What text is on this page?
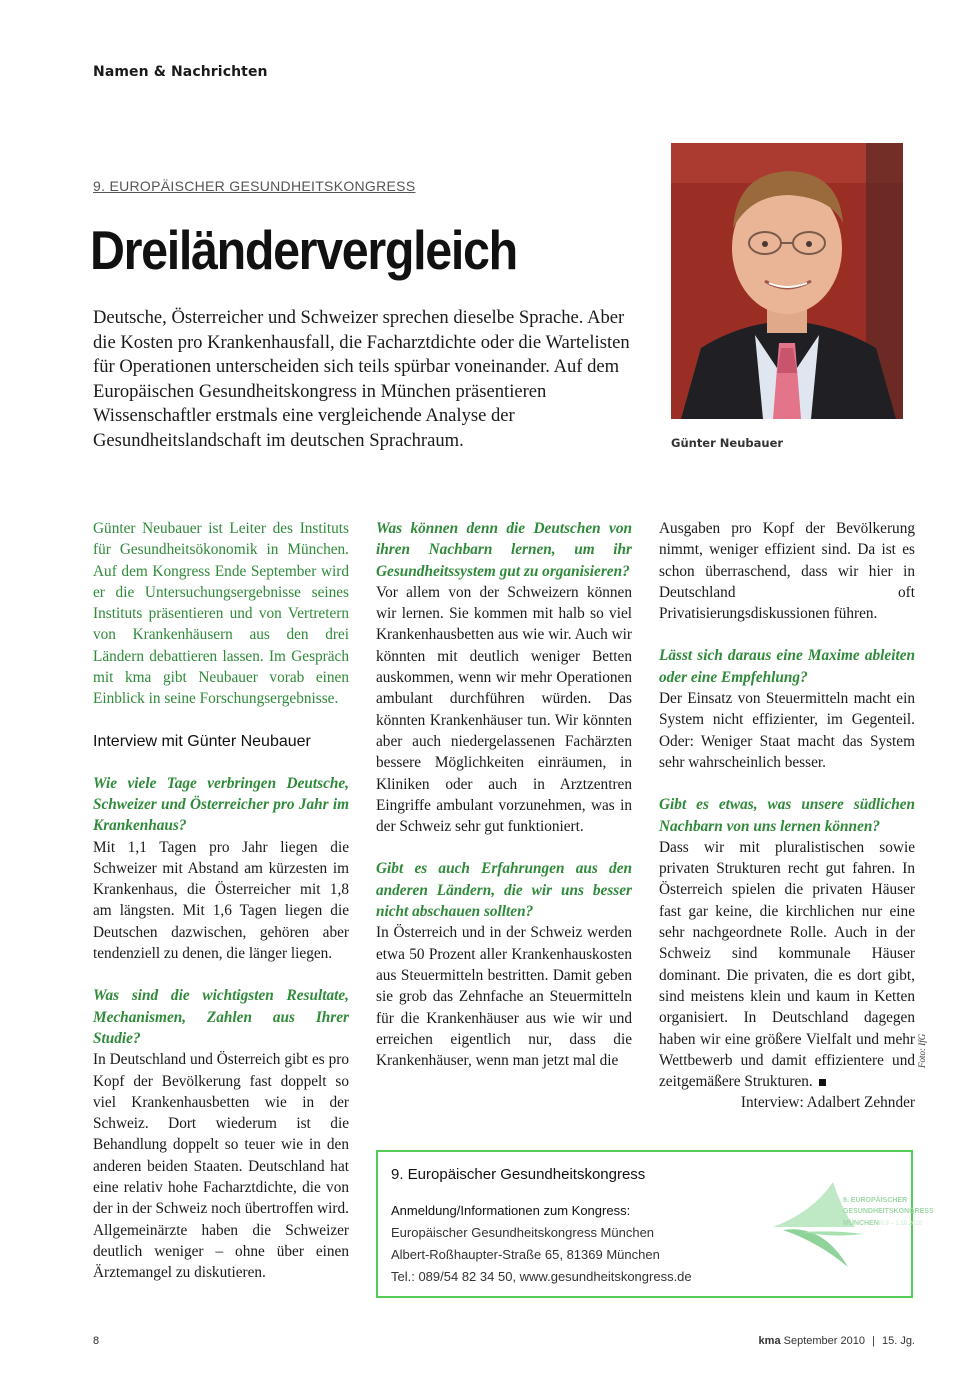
Namen & Nachrichten
9. EUROPÄISCHER GESUNDHEITSKONGRESS
Dreiländervergleich
Deutsche, Österreicher und Schweizer sprechen dieselbe Sprache. Aber die Kosten pro Krankenhausfall, die Facharztdichte oder die Wartelisten für Operationen unterscheiden sich teils spürbar voneinander. Auf dem Europäischen Gesundheitskongress in München präsentieren Wissenschaftler erstmals eine vergleichende Analyse der Gesundheitslandschaft im deutschen Sprachraum.	Günter Neubauer

Günter Neubauer ist Leiter des Instituts für Gesundheitsökonomik in München. Auf dem Kongress Ende September wird er die Untersuchungsergebnisse seines Instituts präsentieren und von Vertretern von Krankenhäusern aus den drei Ländern debattieren lassen. Im Gespräch mit kma gibt Neubauer vorab einen Einblick in seine Forschungsergebnisse.

Interview mit Günter Neubauer

Wie viele Tage verbringen Deutsche, Schweizer und Österreicher pro Jahr im Krankenhaus?

Mit 1,1 Tagen pro Jahr liegen die Schweizer mit Abstand am kürzesten im Krankenhaus, die Österreicher mit 1,8 am längsten. Mit 1,6 Tagen liegen die Deutschen dazwischen, gehören aber tendenziell zu denen, die länger liegen.

Was sind die wichtigsten Resultate, Mechanismen, Zahlen aus Ihrer Studie?

In Deutschland und Österreich gibt es pro Kopf der Bevölkerung fast doppelt so viel Krankenhausbetten wie in der Schweiz. Dort wiederum ist die Behandlung doppelt so teuer wie in den anderen beiden Staaten. Deutschland hat eine relativ hohe Facharztdichte, die von der in der Schweiz noch übertroffen wird. Allgemeinärzte haben die Schweizer deutlich weniger – ohne über einen Ärztemangel zu diskutieren.

Was können denn die Deutschen von ihren Nachbarn lernen, um ihr Gesundheitssystem gut zu organisieren?

Vor allem von der Schweizern können wir lernen. Sie kommen mit halb so viel Krankenhausbetten aus wie wir. Auch wir könnten mit deutlich weniger Betten auskommen, wenn wir mehr Operationen ambulant durchführen würden. Das könnten Krankenhäuser tun. Wir könnten aber auch niedergelassenen Fachärzten bessere Möglichkeiten einräumen, in Kliniken oder auch in Arztzentren Eingriffe ambulant vorzunehmen, was in der Schweiz sehr gut funktioniert.

Gibt es auch Erfahrungen aus den anderen Ländern, die wir uns besser nicht abschauen sollten?

In Österreich und in der Schweiz werden etwa 50 Prozent aller Krankenhauskosten aus Steuermitteln bestritten. Damit geben sie grob das Zehnfache an Steuermitteln für die Krankenhäuser aus wie wir und erreichen eigentlich nur, dass die Krankenhäuser, wenn man jetzt mal die

Ausgaben pro Kopf der Bevölkerung nimmt, weniger effizient sind. Da ist es schon überraschend, dass wir hier in Deutschland oft Privatisierungsdiskussionen führen.

Lässt sich daraus eine Maxime ableiten oder eine Empfehlung?

Der Einsatz von Steuermitteln macht ein System nicht effizienter, im Gegenteil. Oder: Weniger Staat macht das System sehr wahrscheinlich besser.

Gibt es etwas, was unsere südlichen Nachbarn von uns lernen können?

Dass wir mit pluralistischen sowie privaten Strukturen recht gut fahren. In Österreich spielen die privaten Häuser fast gar keine, die kirchlichen nur eine sehr nachgeordnete Rolle. Auch in der Schweiz sind kommunale Häuser dominant. Die privaten, die es dort gibt, sind meistens klein und kaum in Ketten organisiert. In Deutschland dagegen haben wir eine größere Vielfalt und mehr Wettbewerb und damit effizientere und zeitgemäßere Strukturen.

Interview: Adalbert Zehnder

Foto: IfG
9. Europäischer Gesundheitskongress
Anmeldung/Informationen zum Kongress:
Europäischer Gesundheitskongress München
Albert-Roßhaupter-Straße 65, 81369 München
Tel.: 089/54 82 34 50, www.gesundheitskongress.de
9. EUROPÄISCHER
GESUNDHEITSKONGRESS
MÜNCHEN
30.9 – 1.10.2010
8	kma September 2010 | 15. Jg.
